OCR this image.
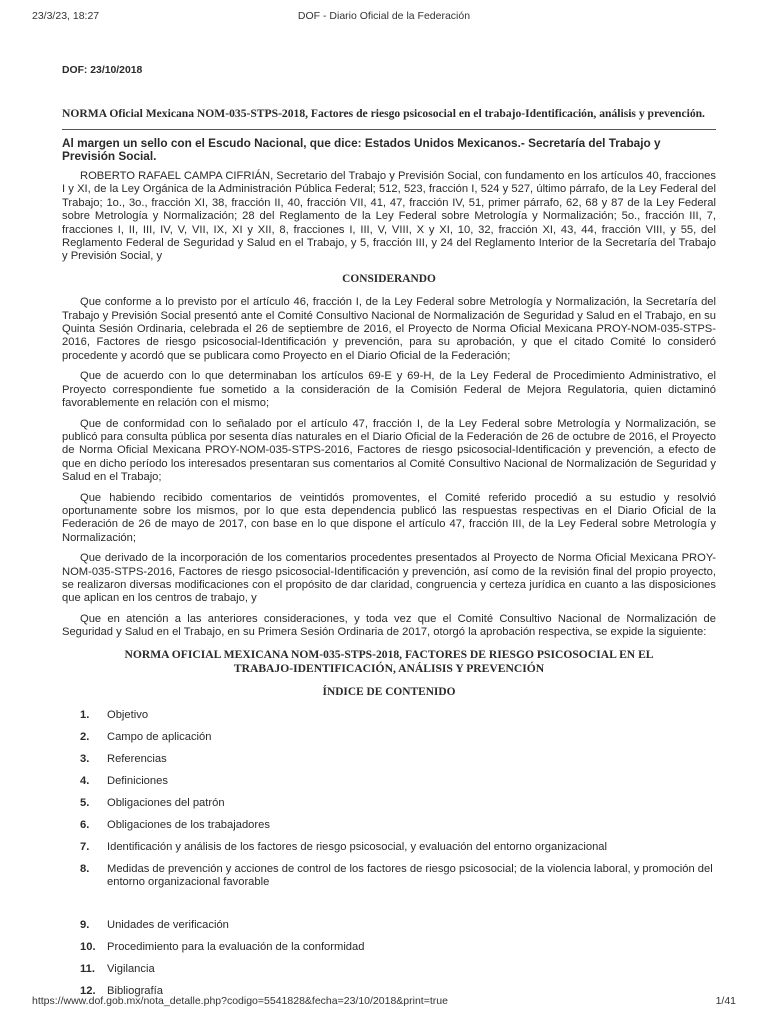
23/3/23, 18:27	DOF - Diario Oficial de la Federación
DOF: 23/10/2018
NORMA Oficial Mexicana NOM-035-STPS-2018, Factores de riesgo psicosocial en el trabajo-Identificación, análisis y prevención.
Al margen un sello con el Escudo Nacional, que dice: Estados Unidos Mexicanos.- Secretaría del Trabajo y Previsión Social.

ROBERTO RAFAEL CAMPA CIFRIÁN, Secretario del Trabajo y Previsión Social, con fundamento en los artículos 40, fracciones I y XI, de la Ley Orgánica de la Administración Pública Federal; 512, 523, fracción I, 524 y 527, último párrafo, de la Ley Federal del Trabajo; 1o., 3o., fracción XI, 38, fracción II, 40, fracción VII, 41, 47, fracción IV, 51, primer párrafo, 62, 68 y 87 de la Ley Federal sobre Metrología y Normalización; 28 del Reglamento de la Ley Federal sobre Metrología y Normalización; 5o., fracción III, 7, fracciones I, II, III, IV, V, VII, IX, XI y XII, 8, fracciones I, III, V, VIII, X y XI, 10, 32, fracción XI, 43, 44, fracción VIII, y 55, del Reglamento Federal de Seguridad y Salud en el Trabajo, y 5, fracción III, y 24 del Reglamento Interior de la Secretaría del Trabajo y Previsión Social, y

CONSIDERANDO

Que conforme a lo previsto por el artículo 46, fracción I, de la Ley Federal sobre Metrología y Normalización, la Secretaría del Trabajo y Previsión Social presentó ante el Comité Consultivo Nacional de Normalización de Seguridad y Salud en el Trabajo, en su Quinta Sesión Ordinaria, celebrada el 26 de septiembre de 2016, el Proyecto de Norma Oficial Mexicana PROY-NOM-035-STPS-2016, Factores de riesgo psicosocial-Identificación y prevención, para su aprobación, y que el citado Comité lo consideró procedente y acordó que se publicara como Proyecto en el Diario Oficial de la Federación;

Que de acuerdo con lo que determinaban los artículos 69-E y 69-H, de la Ley Federal de Procedimiento Administrativo, el Proyecto correspondiente fue sometido a la consideración de la Comisión Federal de Mejora Regulatoria, quien dictaminó favorablemente en relación con el mismo;

Que de conformidad con lo señalado por el artículo 47, fracción I, de la Ley Federal sobre Metrología y Normalización, se publicó para consulta pública por sesenta días naturales en el Diario Oficial de la Federación de 26 de octubre de 2016, el Proyecto de Norma Oficial Mexicana PROY-NOM-035-STPS-2016, Factores de riesgo psicosocial-Identificación y prevención, a efecto de que en dicho período los interesados presentaran sus comentarios al Comité Consultivo Nacional de Normalización de Seguridad y Salud en el Trabajo;

Que habiendo recibido comentarios de veintidós promoventes, el Comité referido procedió a su estudio y resolvió oportunamente sobre los mismos, por lo que esta dependencia publicó las respuestas respectivas en el Diario Oficial de la Federación de 26 de mayo de 2017, con base en lo que dispone el artículo 47, fracción III, de la Ley Federal sobre Metrología y Normalización;

Que derivado de la incorporación de los comentarios procedentes presentados al Proyecto de Norma Oficial Mexicana PROY-NOM-035-STPS-2016, Factores de riesgo psicosocial-Identificación y prevención, así como de la revisión final del propio proyecto, se realizaron diversas modificaciones con el propósito de dar claridad, congruencia y certeza jurídica en cuanto a las disposiciones que aplican en los centros de trabajo, y

Que en atención a las anteriores consideraciones, y toda vez que el Comité Consultivo Nacional de Normalización de Seguridad y Salud en el Trabajo, en su Primera Sesión Ordinaria de 2017, otorgó la aprobación respectiva, se expide la siguiente:

NORMA OFICIAL MEXICANA NOM-035-STPS-2018, FACTORES DE RIESGO PSICOSOCIAL EN EL
TRABAJO-IDENTIFICACIÓN, ANÁLISIS Y PREVENCIÓN
ÍNDICE DE CONTENIDO
1.	Objetivo
2.	Campo de aplicación
3.	Referencias
4.	Definiciones
5.	Obligaciones del patrón
6.	Obligaciones de los trabajadores
7.	Identificación y análisis de los factores de riesgo psicosocial, y evaluación del entorno organizacional
8.	Medidas de prevención y acciones de control de los factores de riesgo psicosocial; de la violencia laboral, y promoción del entorno organizacional favorable
9.	Unidades de verificación
10.	Procedimiento para la evaluación de la conformidad
11.	Vigilancia
12.	Bibliografía
https://www.dof.gob.mx/nota_detalle.php?codigo=5541828&fecha=23/10/2018&print=true	1/41
